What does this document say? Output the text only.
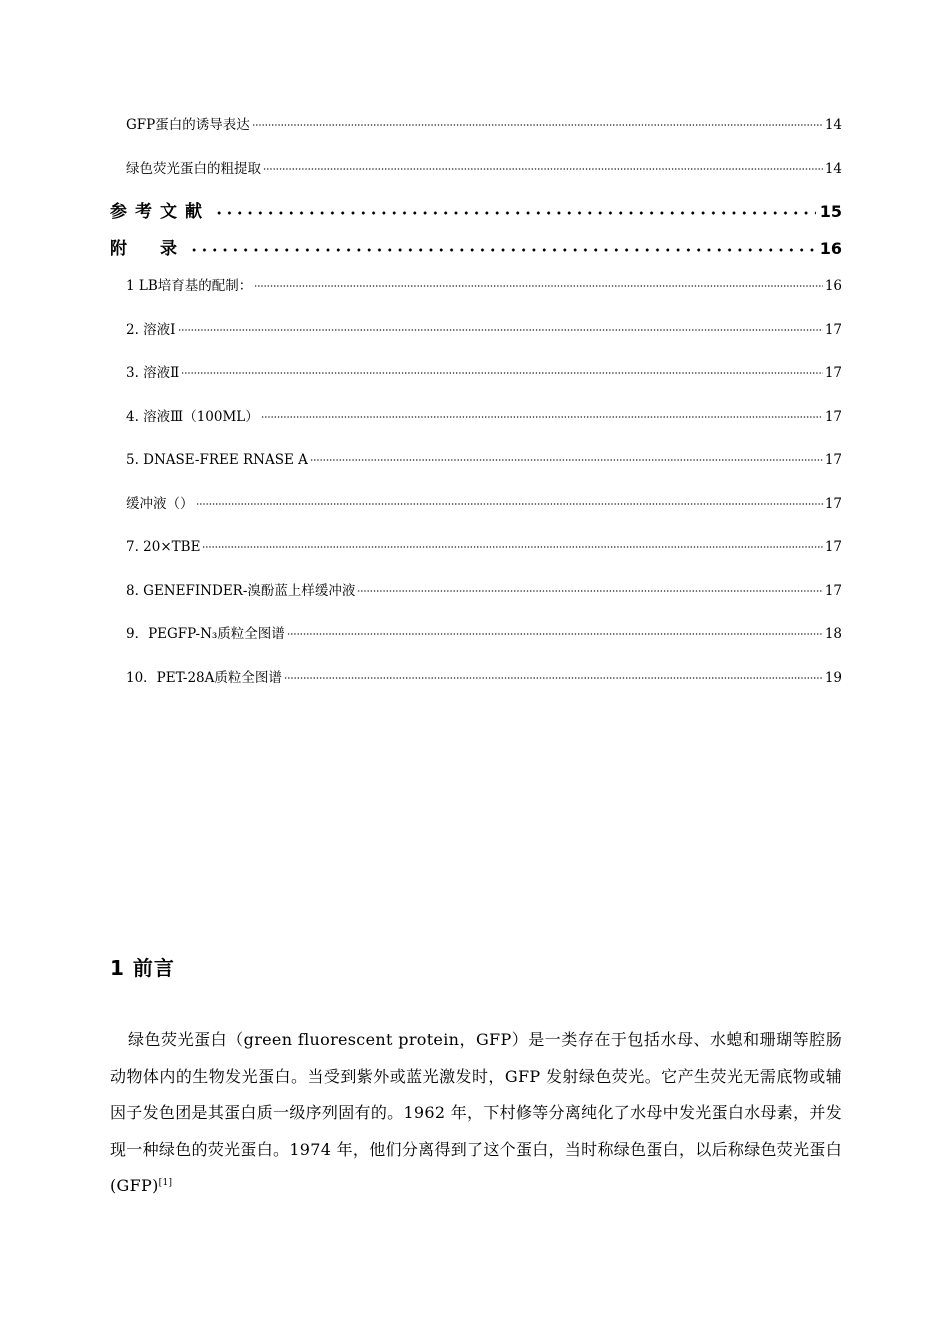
GFP蛋白的诱导表达	14
绿色荧光蛋白的粗提取	14
参考文献	15
附　录	16
1 LB培育基的配制：	16
2. 溶液Ⅰ	17
3. 溶液Ⅱ	17
4. 溶液Ⅲ（100ML）	17
5. DNASE-FREE RNASE A	17
缓冲液（）	17
7. 20×TBE	17
8. GENEFINDER-溴酚蓝上样缓冲液	17
9．PEGFP-N₃质粒全图谱	18
10．PET-28A质粒全图谱	19
1 前言

绿色荧光蛋白（green fluorescent protein，GFP）是一类存在于包括水母、水螅和珊瑚等腔肠动物体内的生物发光蛋白。当受到紫外或蓝光激发时，GFP 发射绿色荧光。它产生荧光无需底物或辅因子发色团是其蛋白质一级序列固有的。1962 年，下村修等分离纯化了水母中发光蛋白水母素，并发现一种绿色的荧光蛋白。1974 年，他们分离得到了这个蛋白，当时称绿色蛋白，以后称绿色荧光蛋白(GFP)[1]
